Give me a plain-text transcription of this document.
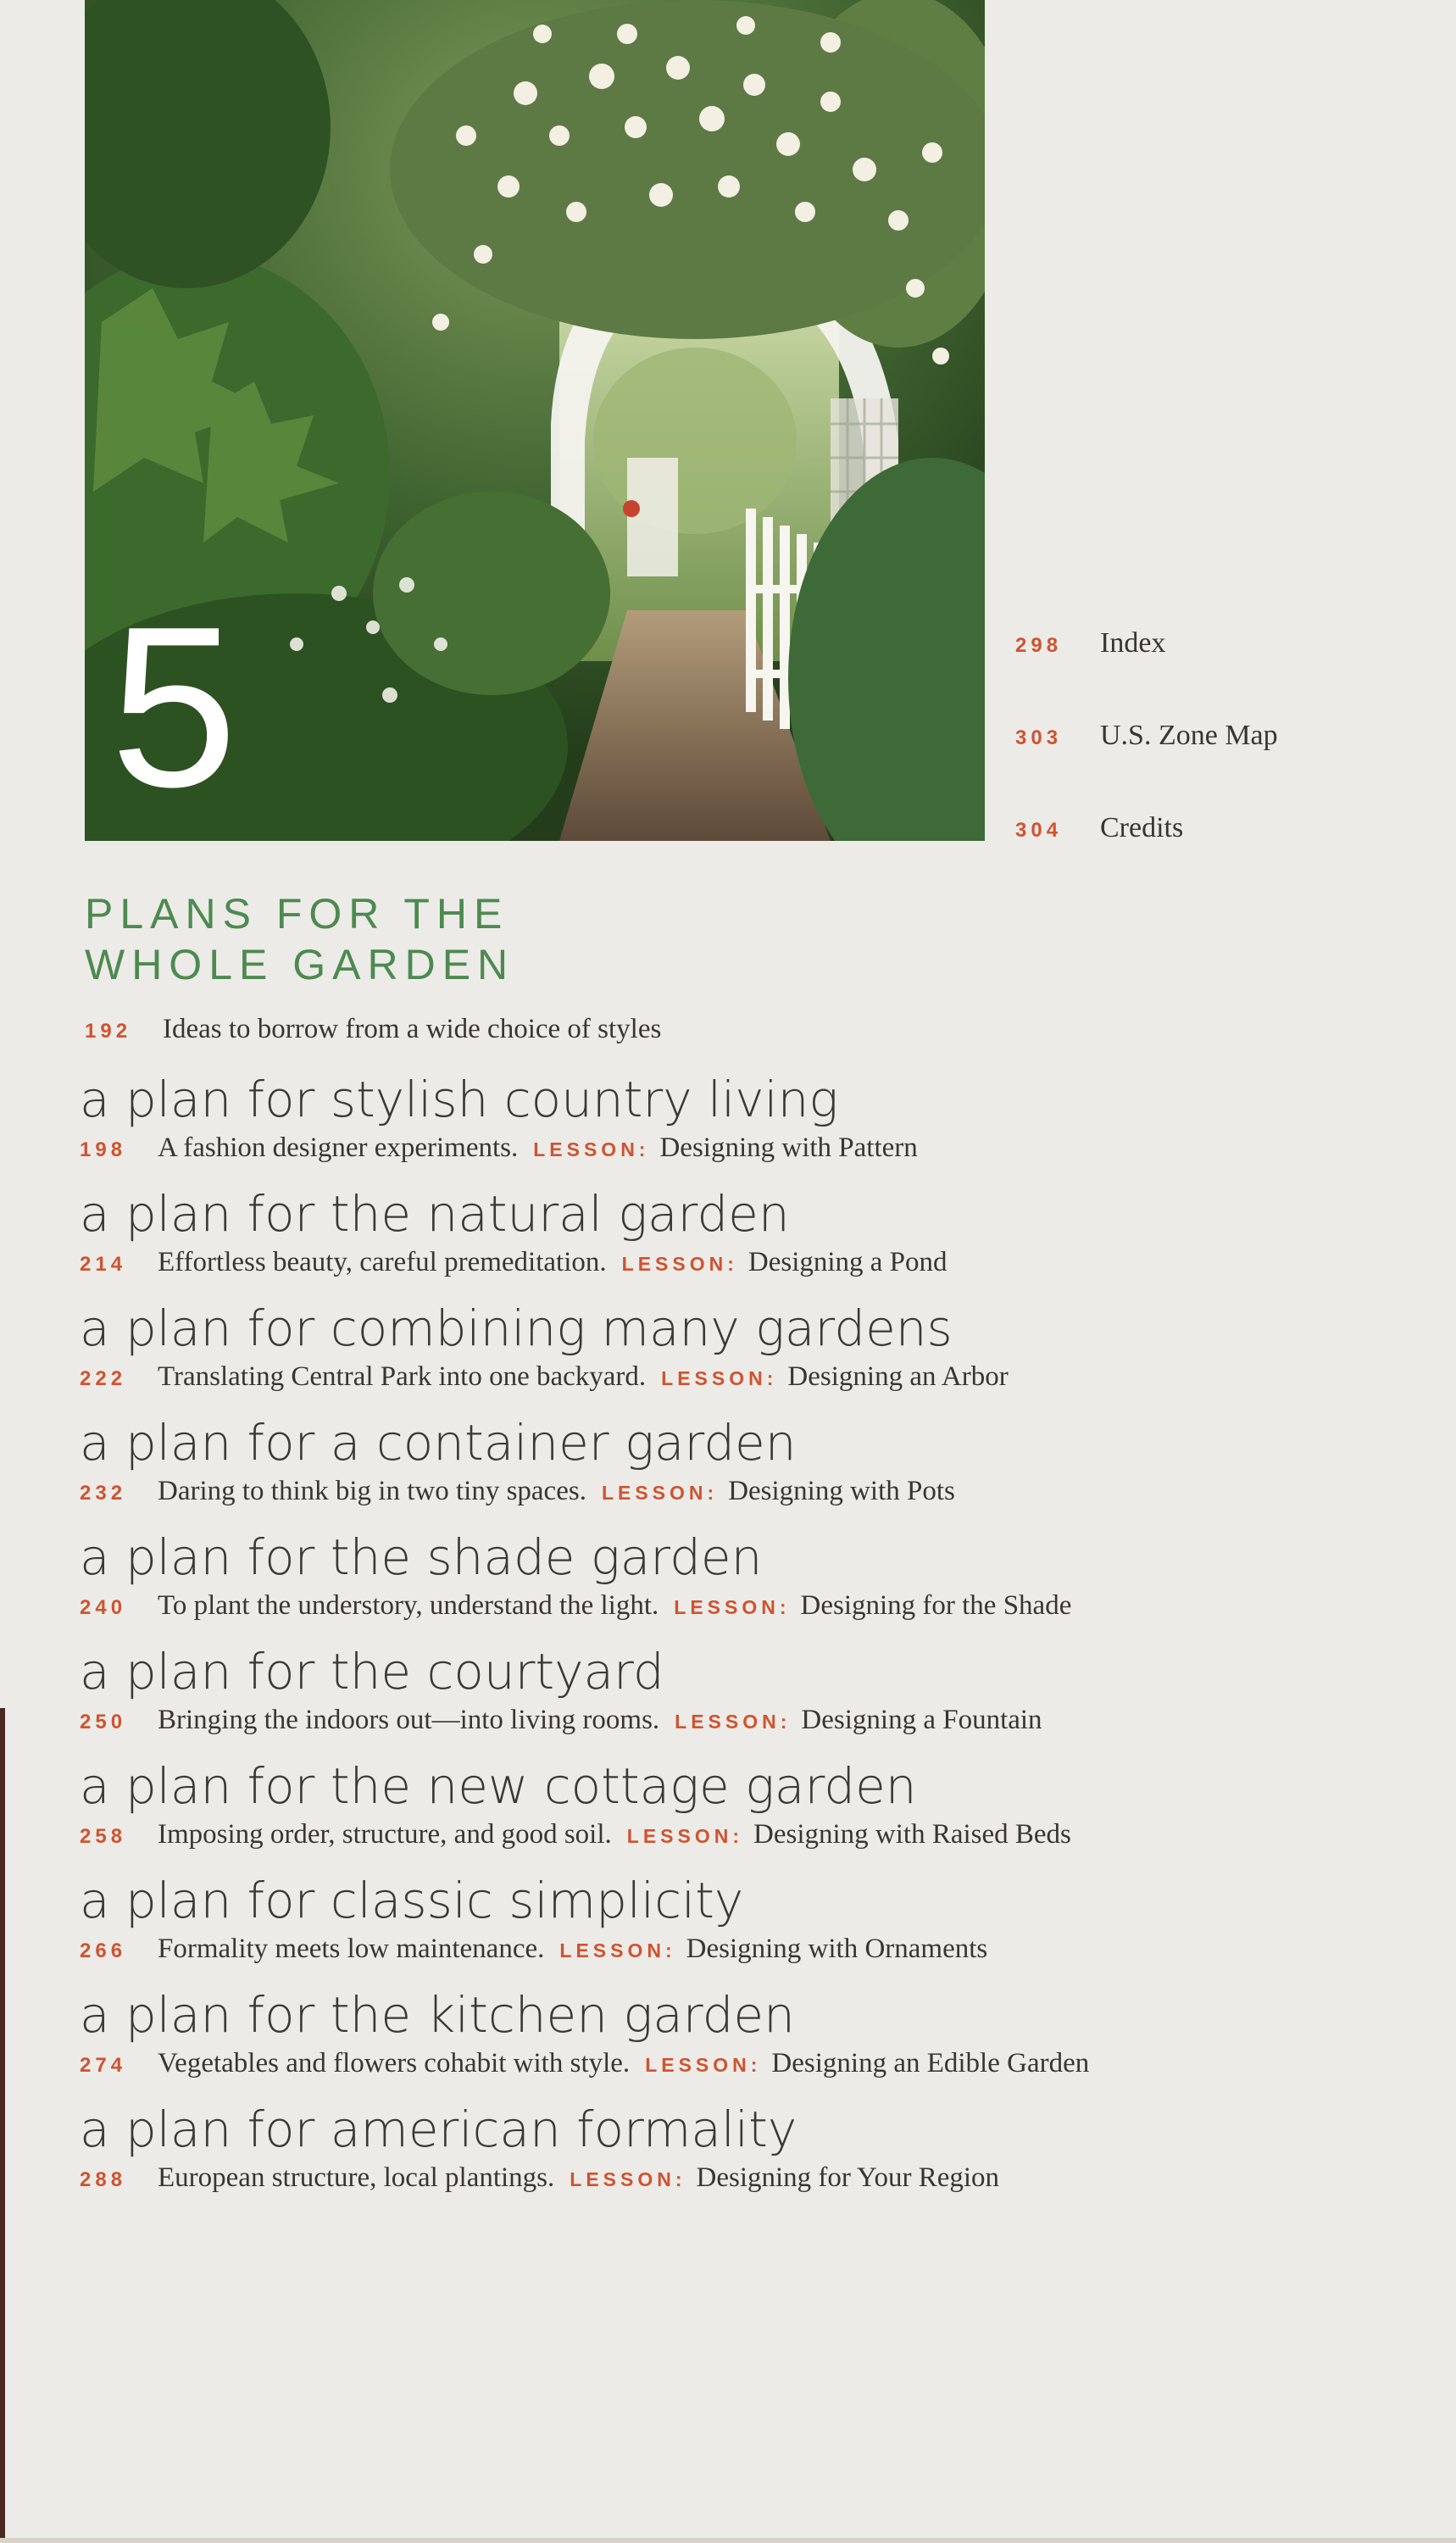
5	298	Index
303	U.S. Zone Map
304	Credits
PLANS FOR THE
WHOLE GARDEN
192	Ideas to borrow from a wide choice of styles
a plan for stylish country living
198	A fashion designer experiments. LESSON: Designing with Pattern
a plan for the natural garden
214	Effortless beauty, careful premeditation. LESSON: Designing a Pond
a plan for combining many gardens
222	Translating Central Park into one backyard. LESSON: Designing an Arbor
a plan for a container garden
232	Daring to think big in two tiny spaces. LESSON: Designing with Pots
a plan for the shade garden
240	To plant the understory, understand the light. LESSON: Designing for the Shade
a plan for the courtyard
250	Bringing the indoors out—into living rooms. LESSON: Designing a Fountain
a plan for the new cottage garden
258	Imposing order, structure, and good soil. LESSON: Designing with Raised Beds
a plan for classic simplicity
266	Formality meets low maintenance. LESSON: Designing with Ornaments
a plan for the kitchen garden
274	Vegetables and flowers cohabit with style. LESSON: Designing an Edible Garden
a plan for american formality
288	European structure, local plantings. LESSON: Designing for Your Region
